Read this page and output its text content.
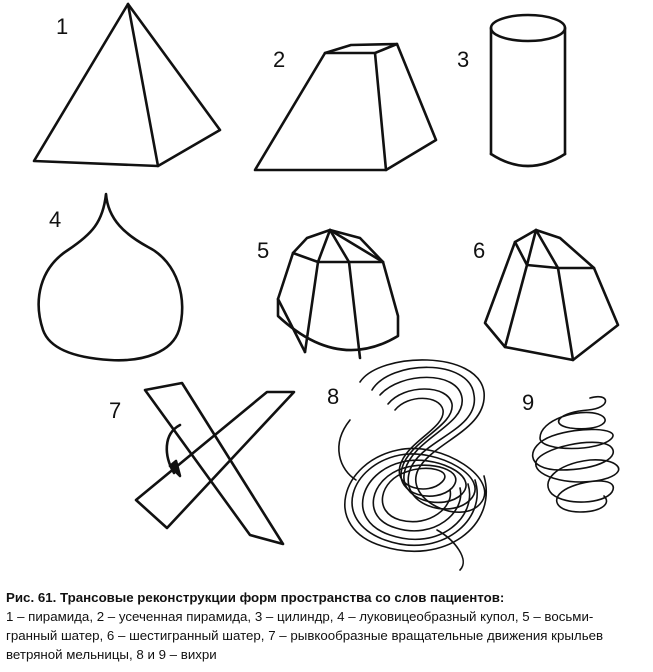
1
2	3
4
5	6
7
8	9
Рис. 61. Трансовые реконструкции форм пространства со слов пациентов:
1 – пирамида, 2 – усеченная пирамида, 3 – цилиндр, 4 – луковицеобразный купол, 5 – восьми-
гранный шатер, 6 – шестигранный шатер, 7 – рывкообразные вращательные движения крыльев
ветряной мельницы, 8 и 9 – вихри
